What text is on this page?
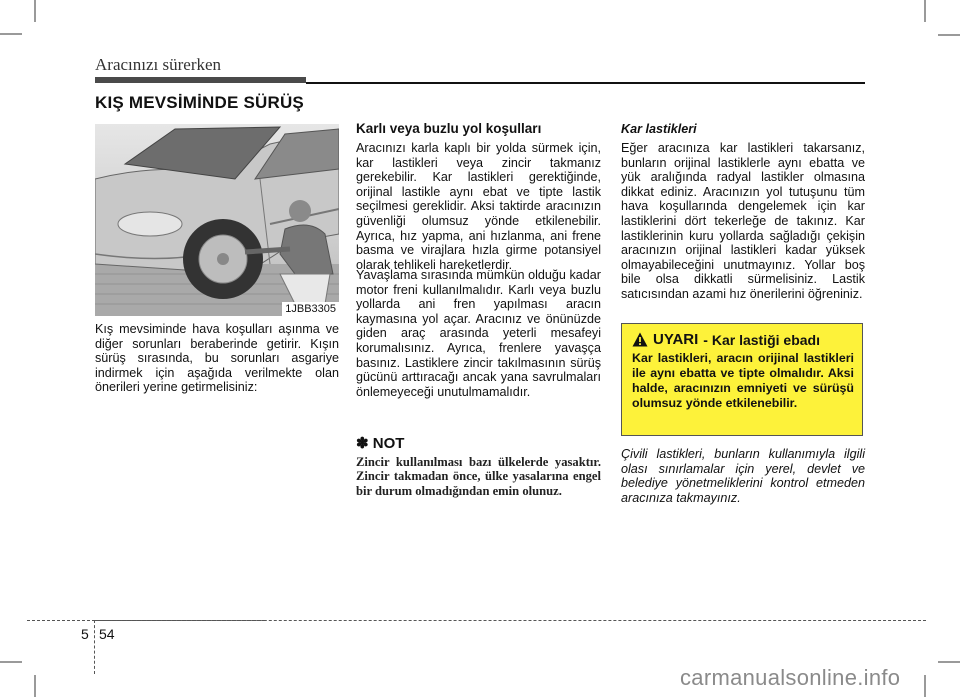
Aracınızı sürerken
KIŞ MEVSİMİNDE SÜRÜŞ
1JBB3305

Kış mevsiminde hava koşulları aşınma ve diğer sorunları beraberinde getirir. Kışın sürüş sırasında, bu sorunları asgariye indirmek için aşağıda verilmekte olan önerileri yerine getirmelisiniz:

Karlı veya buzlu yol koşulları

Aracınızı karla kaplı bir yolda sürmek için, kar lastikleri veya zincir takmanız gerekebilir. Kar lastikleri gerektiğinde, orijinal lastikle aynı ebat ve tipte lastik seçilmesi gereklidir. Aksi taktirde aracınızın güvenliği olumsuz yönde etkilenebilir. Ayrıca, hız yapma, ani hızlanma, ani frene basma ve virajlara hızla girme potansiyel olarak tehlikeli hareketlerdir.

Yavaşlama sırasında mümkün olduğu kadar motor freni kullanılmalıdır. Karlı veya buzlu yollarda ani fren yapılması aracın kaymasına yol açar. Aracınız ve önünüzde giden araç arasında yeterli mesafeyi korumalısınız. Ayrıca, frenlere yavaşça basınız. Lastiklere zincir takılmasının sürüş gücünü arttıracağı ancak yana savrulmaları önlemeyeceği unutulmamalıdır.

✽ NOT
Zincir kullanılması bazı ülkelerde yasaktır. Zincir takmadan önce, ülke yasalarına engel bir durum olmadığından emin olunuz.
Kar lastikleri

Eğer aracınıza kar lastikleri takarsanız, bunların orijinal lastiklerle aynı ebatta ve yük aralığında radyal lastikler olmasına dikkat ediniz. Aracınızın yol tutuşunu tüm hava koşullarında dengelemek için kar lastiklerini dört tekerleğe de takınız. Kar lastiklerinin kuru yollarda sağladığı çekişin aracınızın orijinal lastikleri kadar yüksek olmayabileceğini unutmayınız. Yollar boş bile olsa dikkatli sürmelisiniz. Lastik satıcısından azami hız önerilerini öğreniniz.

UYARI - Kar lastiği ebadı
Kar lastikleri, aracın orijinal lastikleri ile aynı ebatta ve tipte olmalıdır. Aksi halde, aracınızın emniyeti ve sürüşü olumsuz yönde etkilenebilir.

Çivili lastikleri, bunların kullanımıyla ilgili olası sınırlamalar için yerel, devlet ve belediye yönetmeliklerini kontrol etmeden aracınıza takmayınız.

5 54
carmanualsonline.info
